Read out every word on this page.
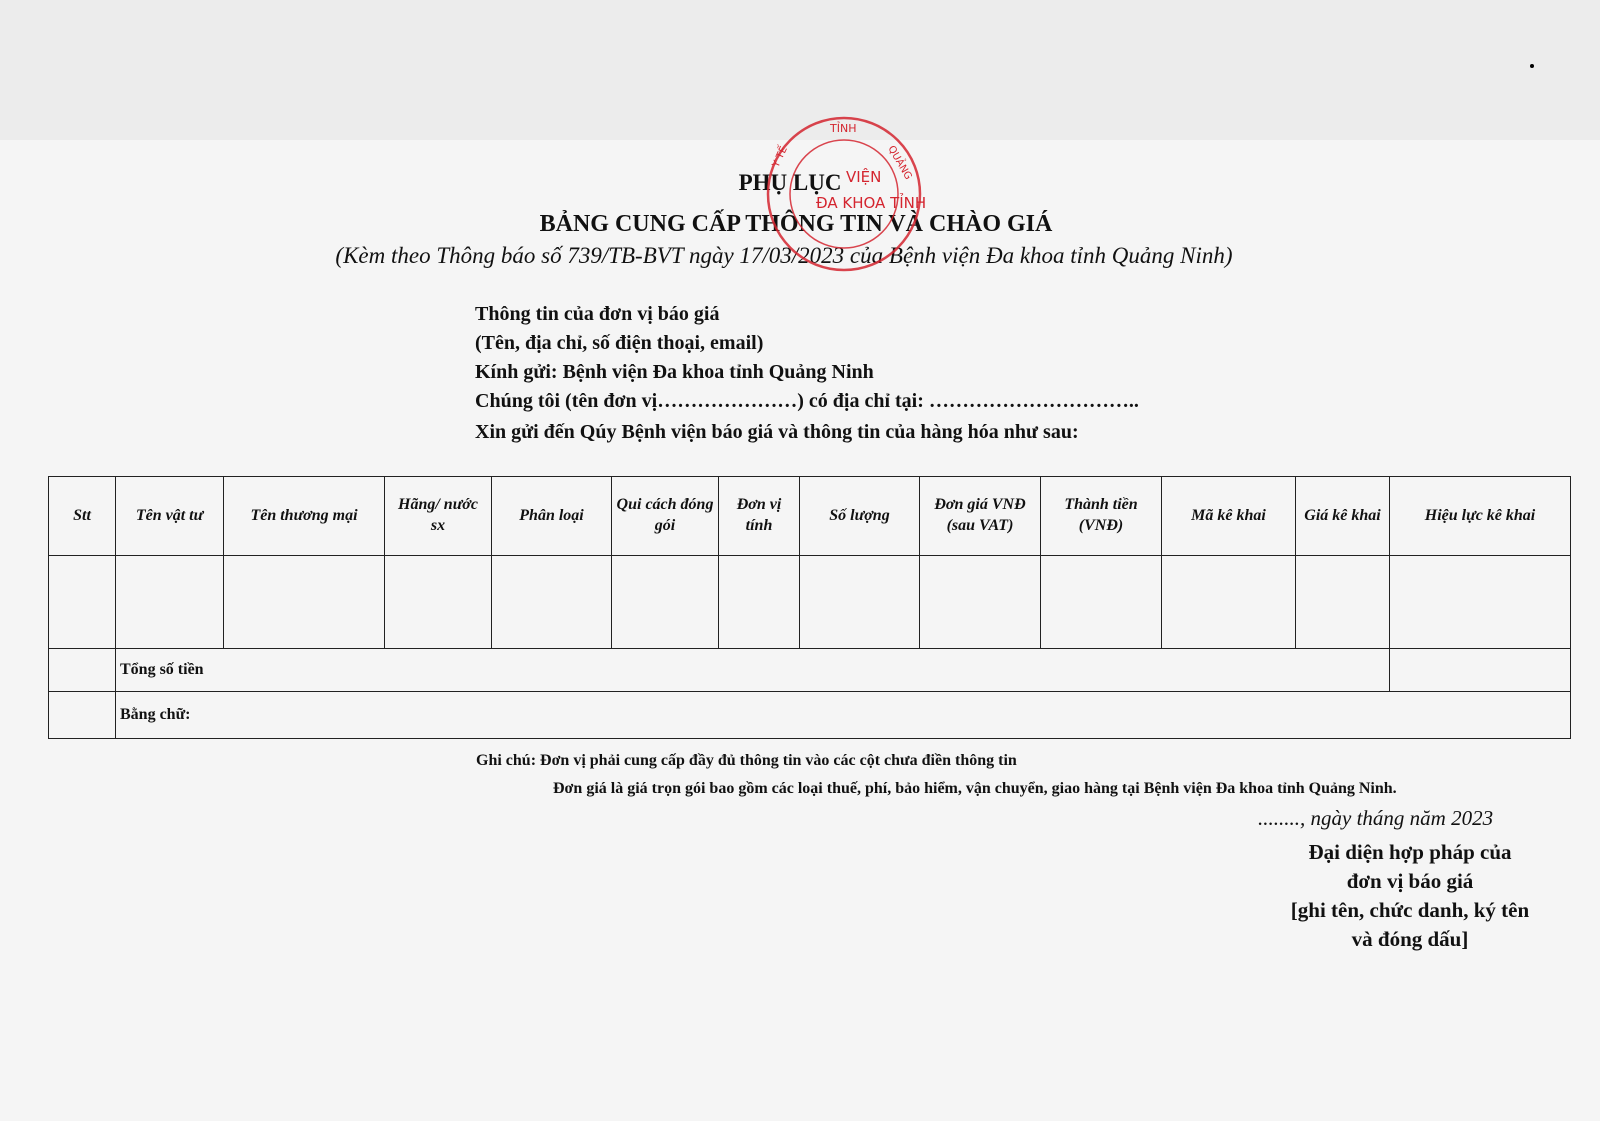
PHỤ LỤC
BẢNG CUNG CẤP THÔNG TIN VÀ CHÀO GIÁ
(Kèm theo Thông báo số 739/TB-BVT ngày 17/03/2023 của Bệnh viện Đa khoa tỉnh Quảng Ninh)
TỈNH
QUẢNG
Y TẾ
VIỆN
ĐA KHOA TỈNH
Thông tin của đơn vị báo giá
(Tên, địa chỉ, số điện thoại, email)
Kính gửi: Bệnh viện Đa khoa tỉnh Quảng Ninh
Chúng tôi (tên đơn vị…………………) có địa chỉ tại: …………………………..
Xin gửi đến Qúy Bệnh viện báo giá và thông tin của hàng hóa như sau:
Stt	Tên vật tư	Tên thương mại	Hãng/ nước sx	Phân loại	Qui cách đóng gói	Đơn vị tính	Số lượng	Đơn giá VNĐ (sau VAT)	Thành tiền (VNĐ)	Mã kê khai	Giá kê khai	Hiệu lực kê khai

	Tổng số tiền											
	Bằng chữ:											
Ghi chú: Đơn vị phải cung cấp đầy đủ thông tin vào các cột chưa điền thông tin
Đơn giá là giá trọn gói bao gồm các loại thuế, phí, bảo hiểm, vận chuyển, giao hàng tại Bệnh viện Đa khoa tỉnh Quảng Ninh.
........, ngày tháng năm 2023
Đại diện hợp pháp của
đơn vị báo giá
[ghi tên, chức danh, ký tên
và đóng dấu]
